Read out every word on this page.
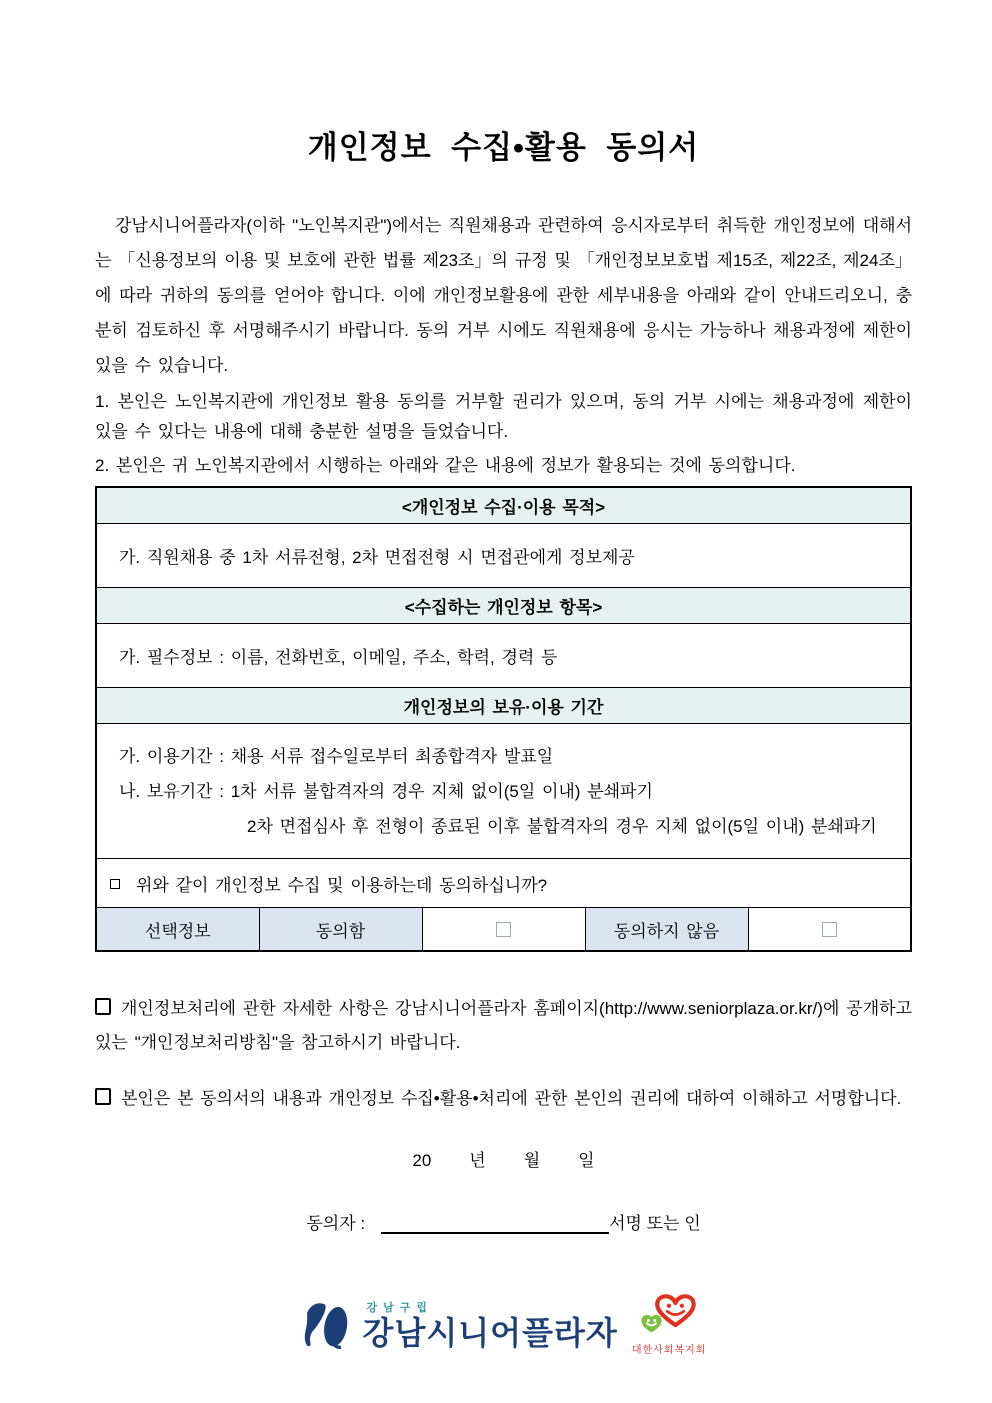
개인정보 수집•활용 동의서

강남시니어플라자(이하 "노인복지관")에서는 직원채용과 관련하여 응시자로부터 취득한 개인정보에 대해서는 「신용정보의 이용 및 보호에 관한 법률 제23조」의 규정 및 「개인정보보호법 제15조, 제22조, 제24조」에 따라 귀하의 동의를 얻어야 합니다. 이에 개인정보활용에 관한 세부내용을 아래와 같이 안내드리오니, 충분히 검토하신 후 서명해주시기 바랍니다. 동의 거부 시에도 직원채용에 응시는 가능하나 채용과정에 제한이 있을 수 있습니다.

1. 본인은 노인복지관에 개인정보 활용 동의를 거부할 권리가 있으며, 동의 거부 시에는 채용과정에 제한이 있을 수 있다는 내용에 대해 충분한 설명을 들었습니다.

2. 본인은 귀 노인복지관에서 시행하는 아래와 같은 내용에 정보가 활용되는 것에 동의합니다.

<개인정보 수집·이용 목적>
가. 직원채용 중 1차 서류전형, 2차 면접전형 시 면접관에게 정보제공
<수집하는 개인정보 항목>
가. 필수정보 : 이름, 전화번호, 이메일, 주소, 학력, 경력 등
개인정보의 보유·이용 기간

가. 이용기간 : 채용 서류 접수일로부터 최종합격자 발표일
나. 보유기간 : 1차 서류 불합격자의 경우 지체 없이(5일 이내) 분쇄파기
2차 면접심사 후 전형이 종료된 이후 불합격자의 경우 지체 없이(5일 이내) 분쇄파기

위와 같이 개인정보 수집 및 이용하는데 동의하십니까?
선택정보	동의함		동의하지 않음	

개인정보처리에 관한 자세한 사항은 강남시니어플라자 홈페이지(http://www.seniorplaza.or.kr/)에 공개하고 있는 "개인정보처리방침"을 참고하시기 바랍니다.

본인은 본 동의서의 내용과 개인정보 수집•활용•처리에 관한 본인의 권리에 대하여 이해하고 서명합니다.

20 년 월 일
동의자 :	서명 또는 인
강남구립
강남시니어플라자 대한사회복지회
